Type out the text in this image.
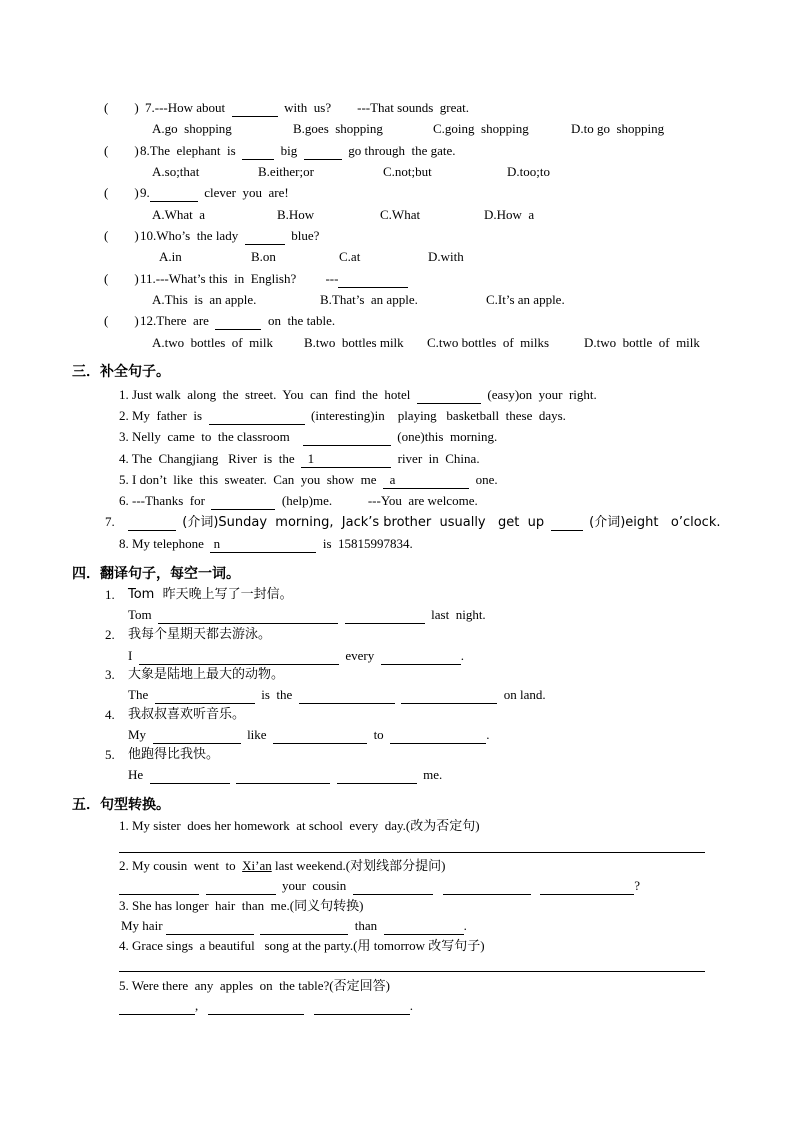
(        ) 7.---How about	with  us? ---That sounds  great.
A.go  shopping	B.goes  shopping	C.going  shopping	D.to go  shopping
(        ) 8.The  elephant  is	big	go through  the gate.
A.so;that	B.either;or	C.not;but	D.too;to
(        ) 9.	clever  you  are!
A.What  a	B.How	C.What	D.How  a
(        ) 10.Who’s  the lady	blue?
A.in	B.on	C.at	D.with
(        ) 11.---What’s this  in  English? ---
A.This  is  an apple.	B.That’s  an apple.	C.It’s an apple.
(        ) 12.There  are	on  the table.
A.two  bottles  of  milk B.two  bottles milk C.two bottles  of  milks	D.two  bottle  of  milk
三．补全句子。
1. Just walk  along  the  street.  You  can  find  the  hotel	(easy)on  your  right.
2. My  father  is	(interesting)in    playing   basketball  these  days.
3. Nelly  came  to  the classroom	(one)this  morning.
4. The  Changjiang   River  is  the 1	river  in  China.
5. I don’t  like  this  sweater.  Can  you  show  me a	one.
6. ---Thanks  for	(help)me.	---You  are welcome.
7.	(介词)Sunday  morning,  Jack’s brother  usually   get  up	(介词)eight   o’clock.
8. My telephone n	is  15815997834.
四．翻译句子，每空一词。
1. Tom  昨天晚上写了一封信。
Tom	last  night.
2. 我每个星期天都去游泳。
I	every	.
3. 大象是陆地上最大的动物。
The	is  the	on land.
4. 我叔叔喜欢听音乐。
My	like	to	.
5. 他跑得比我快。
He	me.
五．句型转换。
1. My sister  does her homework  at school  every  day.(改为否定句)
2. My cousin  went  to Xi’an last weekend.(对划线部分提问)
your  cousin	?
3. She has longer  hair  than  me.(同义句转换)
My hair	than	.
4. Grace sings  a beautiful   song at the party.(用 tomorrow 改写句子)
5. Were there  any  apples  on  the table?(否定回答)
,	.
